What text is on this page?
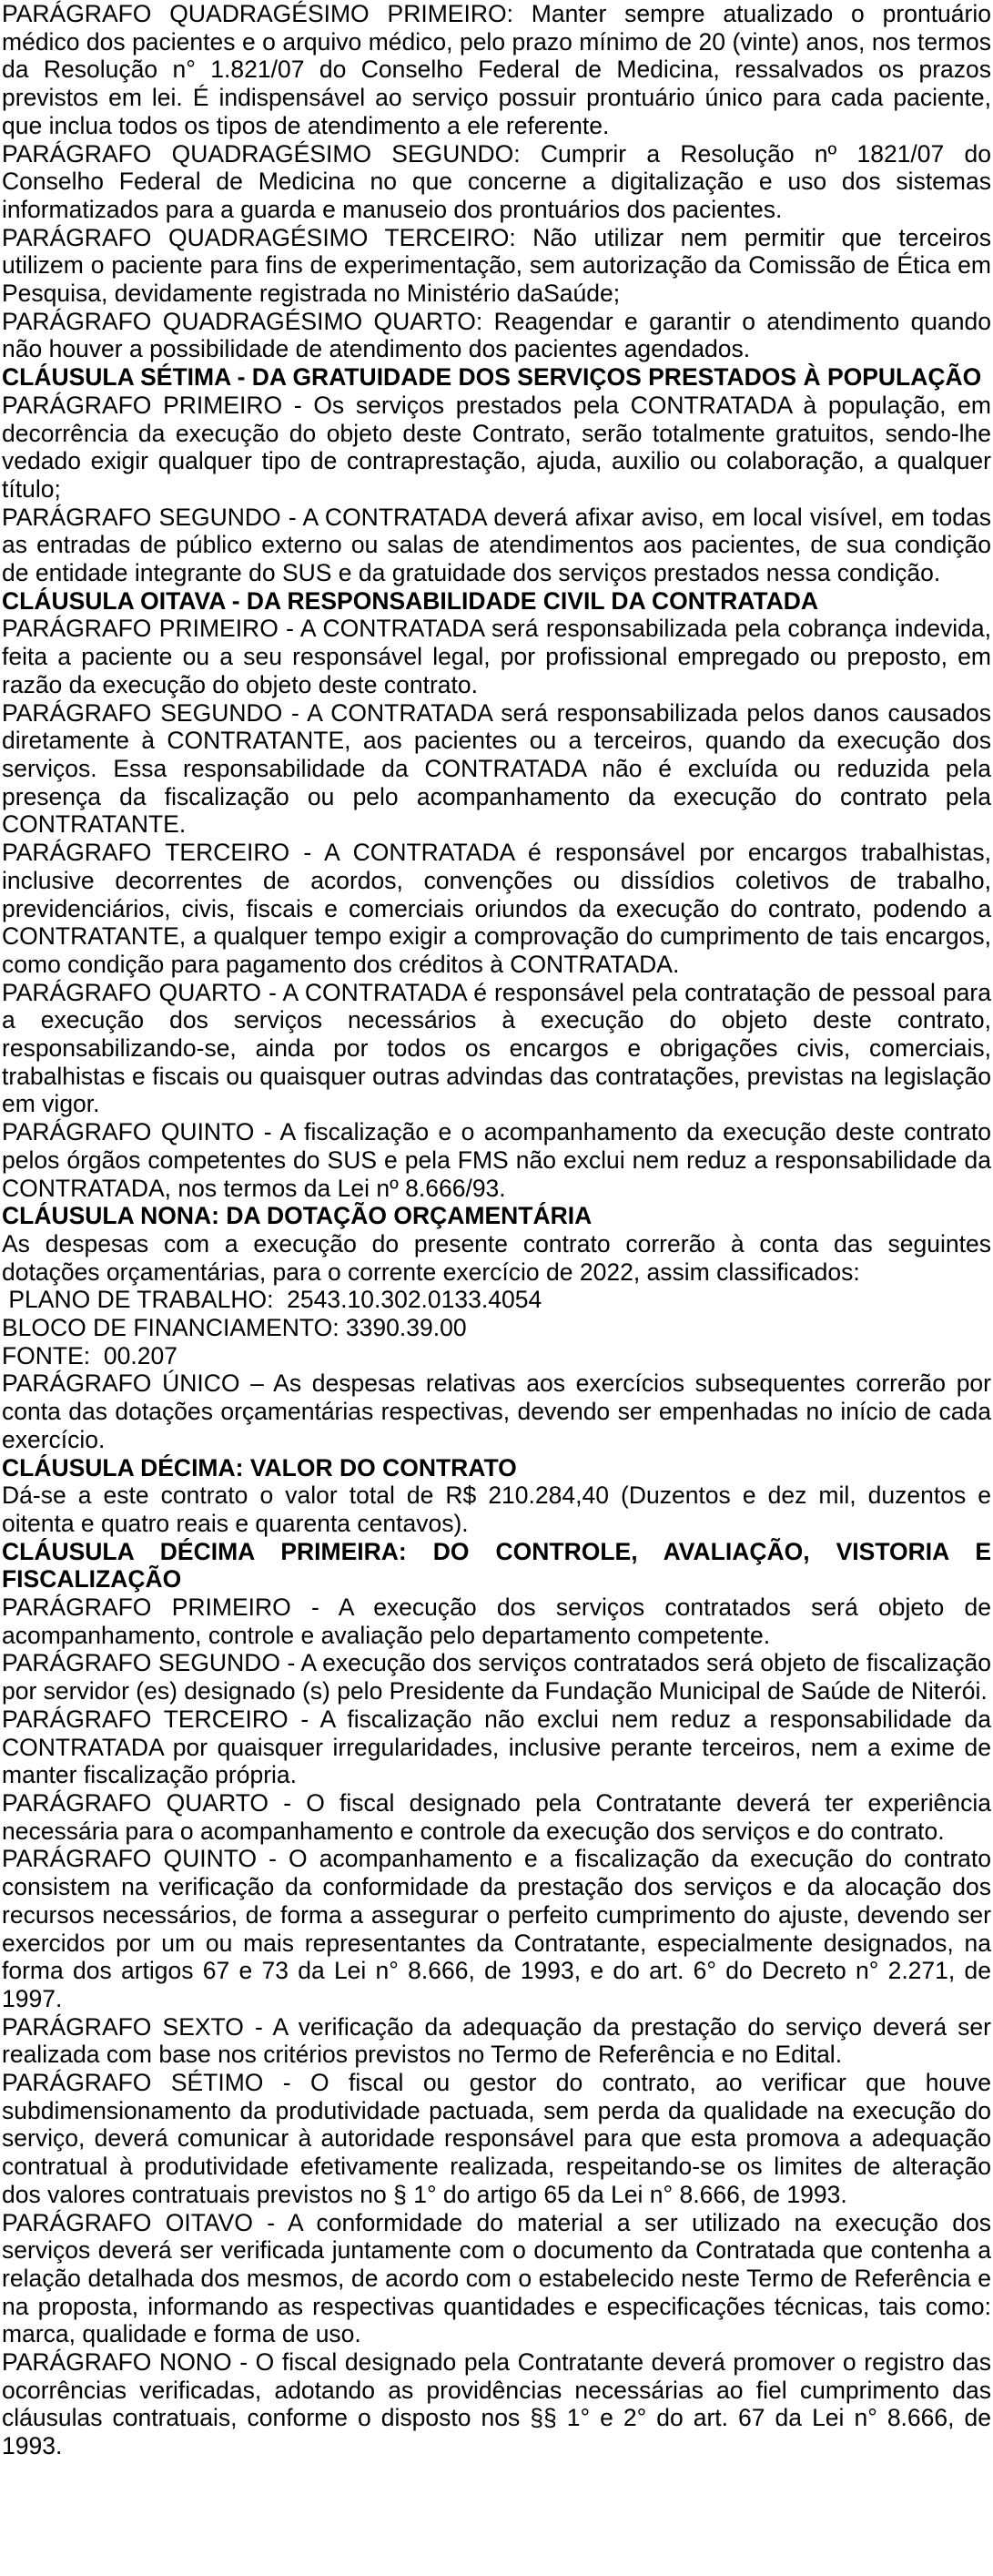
PARÁGRAFO QUADRAGÉSIMO PRIMEIRO: Manter sempre atualizado o prontuário médico dos pacientes e o arquivo médico, pelo prazo mínimo de 20 (vinte) anos, nos termos da Resolução n° 1.821/07 do Conselho Federal de Medicina, ressalvados os prazos previstos em lei. É indispensável ao serviço possuir prontuário único para cada paciente, que inclua todos os tipos de atendimento a ele referente.

PARÁGRAFO QUADRAGÉSIMO SEGUNDO: Cumprir a Resolução nº 1821/07 do Conselho Federal de Medicina no que concerne a digitalização e uso dos sistemas informatizados para a guarda e manuseio dos prontuários dos pacientes.

PARÁGRAFO QUADRAGÉSIMO TERCEIRO: Não utilizar nem permitir que terceiros utilizem o paciente para fins de experimentação, sem autorização da Comissão de Ética em Pesquisa, devidamente registrada no Ministério daSaúde;

PARÁGRAFO QUADRAGÉSIMO QUARTO: Reagendar e garantir o atendimento quando não houver a possibilidade de atendimento dos pacientes agendados.

CLÁUSULA SÉTIMA - DA GRATUIDADE DOS SERVIÇOS PRESTADOS À POPULAÇÃO

PARÁGRAFO PRIMEIRO - Os serviços prestados pela CONTRATADA à população, em decorrência da execução do objeto deste Contrato, serão totalmente gratuitos, sendo-lhe vedado exigir qualquer tipo de contraprestação, ajuda, auxilio ou colaboração, a qualquer título;

PARÁGRAFO SEGUNDO - A CONTRATADA deverá afixar aviso, em local visível, em todas as entradas de público externo ou salas de atendimentos aos pacientes, de sua condição de entidade integrante do SUS e da gratuidade dos serviços prestados nessa condição.

CLÁUSULA OITAVA - DA RESPONSABILIDADE CIVIL DA CONTRATADA

PARÁGRAFO PRIMEIRO - A CONTRATADA será responsabilizada pela cobrança indevida, feita a paciente ou a seu responsável legal, por profissional empregado ou preposto, em razão da execução do objeto deste contrato.

PARÁGRAFO SEGUNDO - A CONTRATADA será responsabilizada pelos danos causados diretamente à CONTRATANTE, aos pacientes ou a terceiros, quando da execução dos serviços. Essa responsabilidade da CONTRATADA não é excluída ou reduzida pela presença da fiscalização ou pelo acompanhamento da execução do contrato pela CONTRATANTE.

PARÁGRAFO TERCEIRO - A CONTRATADA é responsável por encargos trabalhistas, inclusive decorrentes de acordos, convenções ou dissídios coletivos de trabalho, previdenciários, civis, fiscais e comerciais oriundos da execução do contrato, podendo a CONTRATANTE, a qualquer tempo exigir a comprovação do cumprimento de tais encargos, como condição para pagamento dos créditos à CONTRATADA.

PARÁGRAFO QUARTO - A CONTRATADA é responsável pela contratação de pessoal para a execução dos serviços necessários à execução do objeto deste contrato, responsabilizando-se, ainda por todos os encargos e obrigações civis, comerciais, trabalhistas e fiscais ou quaisquer outras advindas das contratações, previstas na legislação em vigor.

PARÁGRAFO QUINTO - A fiscalização e o acompanhamento da execução deste contrato pelos órgãos competentes do SUS e pela FMS não exclui nem reduz a responsabilidade da CONTRATADA, nos termos da Lei nº 8.666/93.

CLÁUSULA NONA: DA DOTAÇÃO ORÇAMENTÁRIA

As despesas com a execução do presente contrato correrão à conta das seguintes dotações orçamentárias, para o corrente exercício de 2022, assim classificados:

PLANO DE TRABALHO:  2543.10.302.0133.4054

BLOCO DE FINANCIAMENTO: 3390.39.00

FONTE:  00.207

PARÁGRAFO ÚNICO – As despesas relativas aos exercícios subsequentes correrão por conta das dotações orçamentárias respectivas, devendo ser empenhadas no início de cada exercício.

CLÁUSULA DÉCIMA: VALOR DO CONTRATO

Dá-se a este contrato o valor total de R$ 210.284,40 (Duzentos e dez mil, duzentos e oitenta e quatro reais e quarenta centavos).

CLÁUSULA DÉCIMA PRIMEIRA: DO CONTROLE, AVALIAÇÃO, VISTORIA E FISCALIZAÇÃO

PARÁGRAFO PRIMEIRO - A execução dos serviços contratados será objeto de acompanhamento, controle e avaliação pelo departamento competente.

PARÁGRAFO SEGUNDO - A execução dos serviços contratados será objeto de fiscalização por servidor (es) designado (s) pelo Presidente da Fundação Municipal de Saúde de Niterói.

PARÁGRAFO TERCEIRO - A fiscalização não exclui nem reduz a responsabilidade da CONTRATADA por quaisquer irregularidades, inclusive perante terceiros, nem a exime de manter fiscalização própria.

PARÁGRAFO QUARTO - O fiscal designado pela Contratante deverá ter experiência necessária para o acompanhamento e controle da execução dos serviços e do contrato.

PARÁGRAFO QUINTO - O acompanhamento e a fiscalização da execução do contrato consistem na verificação da conformidade da prestação dos serviços e da alocação dos recursos necessários, de forma a assegurar o perfeito cumprimento do ajuste, devendo ser exercidos por um ou mais representantes da Contratante, especialmente designados, na forma dos artigos 67 e 73 da Lei n° 8.666, de 1993, e do art. 6° do Decreto n° 2.271, de 1997.

PARÁGRAFO SEXTO - A verificação da adequação da prestação do serviço deverá ser realizada com base nos critérios previstos no Termo de Referência e no Edital.

PARÁGRAFO SÉTIMO - O fiscal ou gestor do contrato, ao verificar que houve subdimensionamento da produtividade pactuada, sem perda da qualidade na execução do serviço, deverá comunicar à autoridade responsável para que esta promova a adequação contratual à produtividade efetivamente realizada, respeitando-se os limites de alteração dos valores contratuais previstos no § 1° do artigo 65 da Lei n° 8.666, de 1993.

PARÁGRAFO OITAVO - A conformidade do material a ser utilizado na execução dos serviços deverá ser verificada juntamente com o documento da Contratada que contenha a relação detalhada dos mesmos, de acordo com o estabelecido neste Termo de Referência e na proposta, informando as respectivas quantidades e especificações técnicas, tais como: marca, qualidade e forma de uso.

PARÁGRAFO NONO - O fiscal designado pela Contratante deverá promover o registro das ocorrências verificadas, adotando as providências necessárias ao fiel cumprimento das cláusulas contratuais, conforme o disposto nos §§ 1° e 2° do art. 67 da Lei n° 8.666, de 1993.
